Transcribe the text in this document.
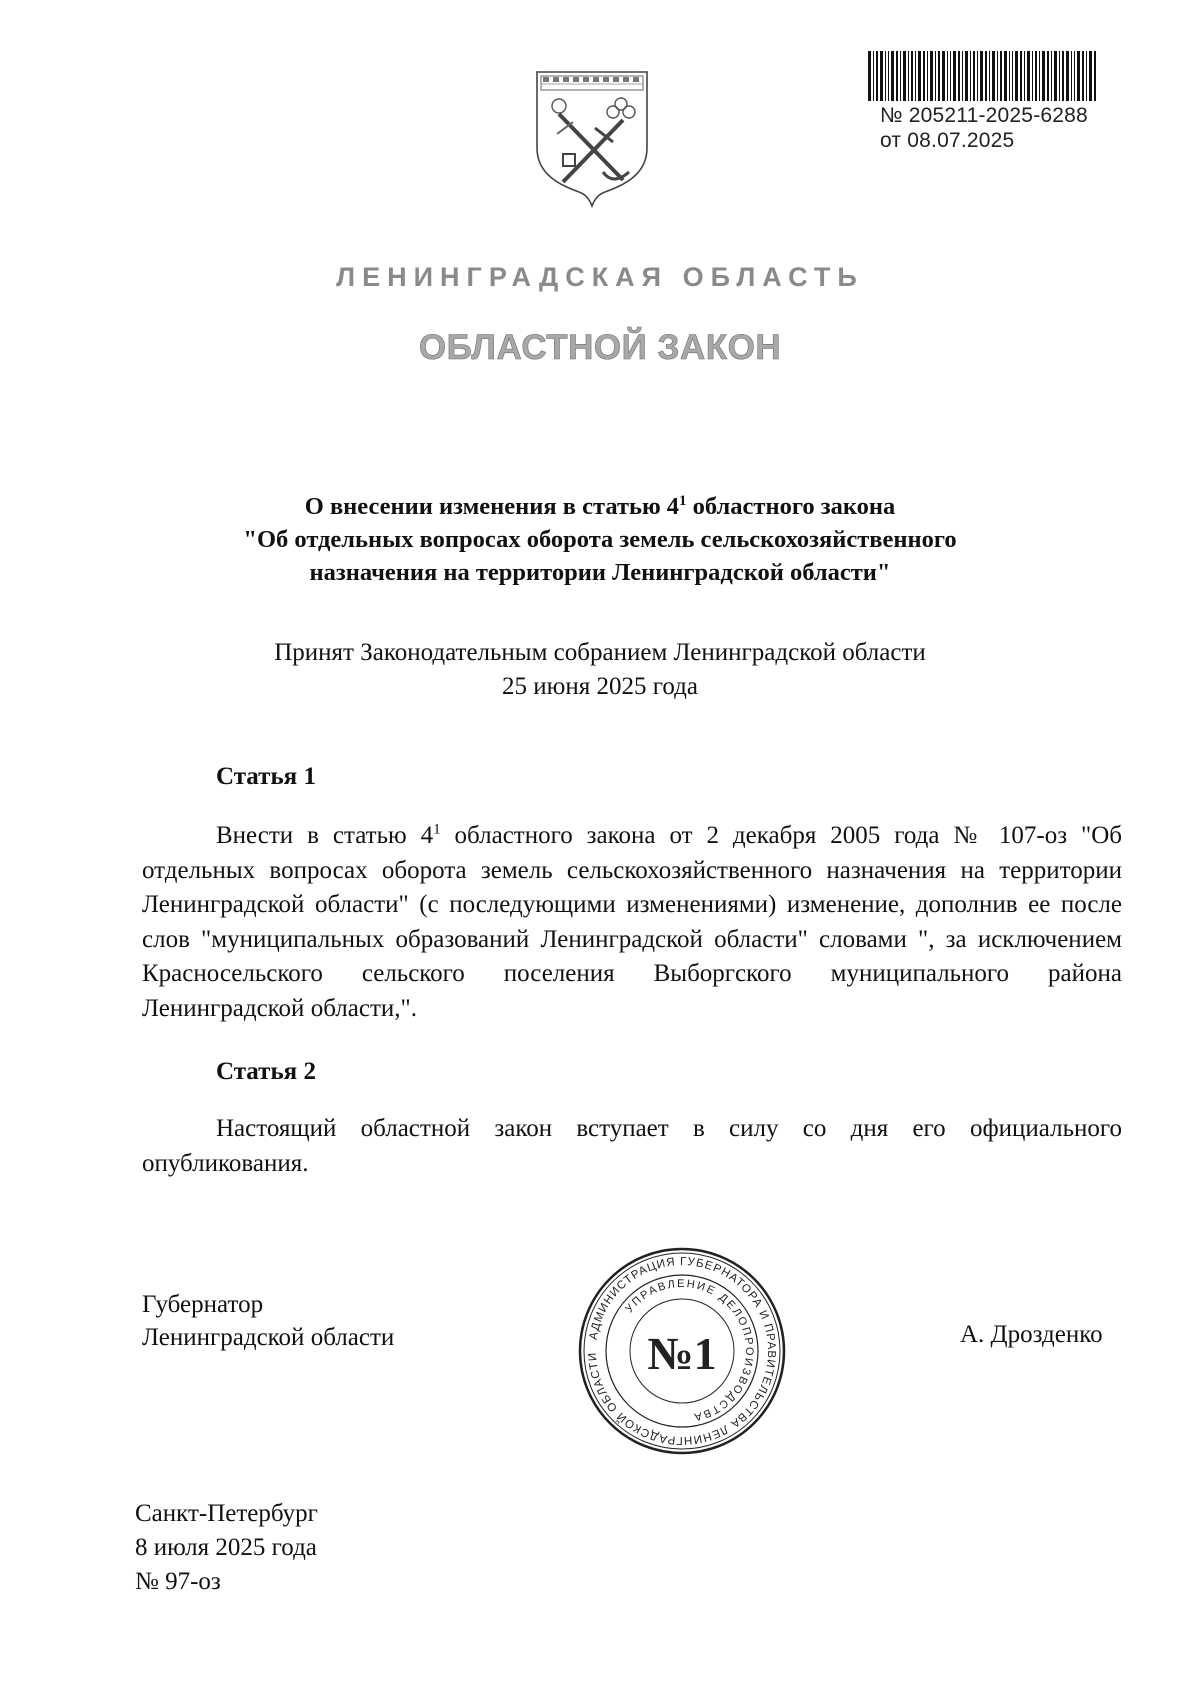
№ 205211-2025-6288
от 08.07.2025
ЛЕНИНГРАДСКАЯ ОБЛАСТЬ
ОБЛАСТНОЙ ЗАКОН
О внесении изменения в статью $4^1$ областного закона
"Об отдельных вопросах оборота земель сельскохозяйственного
назначения на территории Ленинградской области"
Принят Законодательным собранием Ленинградской области
25 июня 2025 года
Статья 1
Внести в статью $4^1$ областного закона от 2 декабря 2005 года № 107-оз "Об отдельных вопросах оборота земель сельскохозяйственного назначения на территории Ленинградской области" (с последующими изменениями) изменение, дополнив ее после слов "муниципальных образований Ленинградской области" словами ", за исключением Красносельского сельского поселения Выборгского муниципального района Ленинградской области,".
Статья 2
Настоящий областной закон вступает в силу со дня его официального опубликования.
Губернатор
Ленинградской области	АДМИНИСТРАЦИЯ ГУБЕРНАТОРА И ПРАВИТЕЛЬСТВА ЛЕНИНГРАДСКОЙ ОБЛАСТИ
УПРАВЛЕНИЕ ДЕЛОПРОИЗВОДСТВА
№1	А. Дрозденко
Санкт-Петербург
8 июля 2025 года
№ 97-оз
